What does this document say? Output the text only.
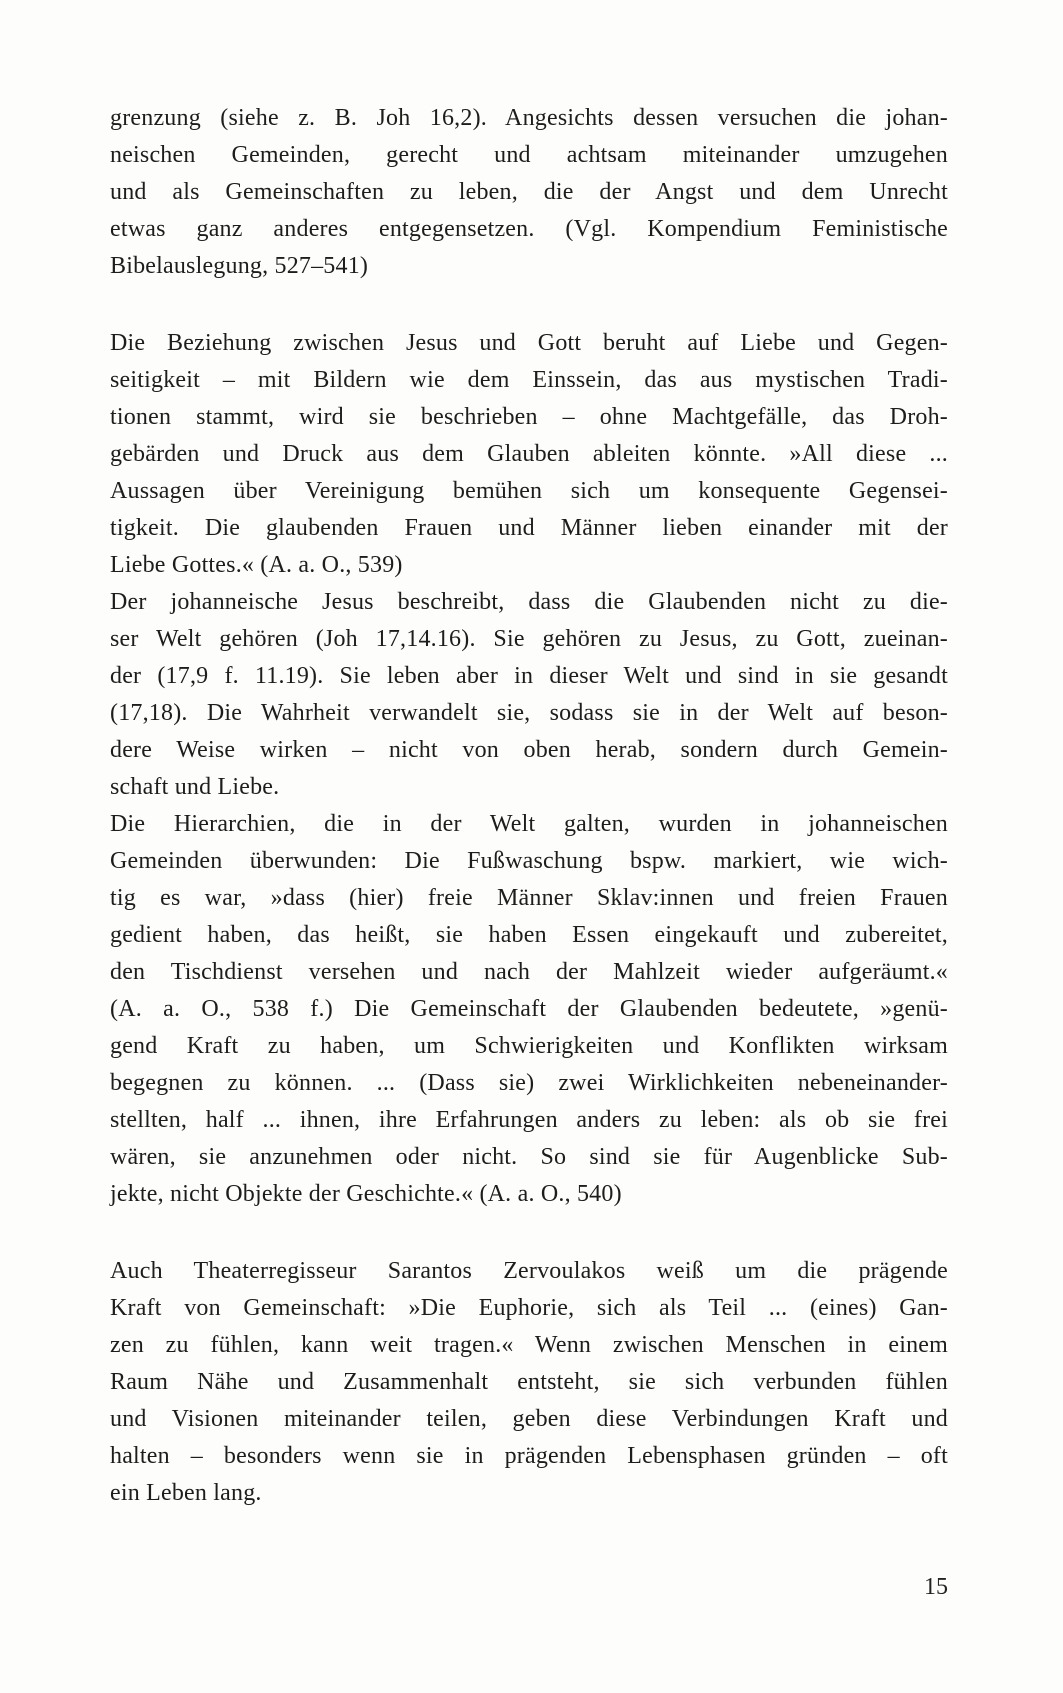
grenzung (siehe z. B. Joh 16,2). Angesichts dessen versuchen die johan-
neischen Gemeinden, gerecht und achtsam miteinander umzugehen
und als Gemeinschaften zu leben, die der Angst und dem Unrecht
etwas ganz anderes entgegensetzen. (Vgl. Kompendium Feministische
Bibelauslegung, 527–541)
Die Beziehung zwischen Jesus und Gott beruht auf Liebe und Gegen-
seitigkeit – mit Bildern wie dem Einssein, das aus mystischen Tradi-
tionen stammt, wird sie beschrieben – ohne Machtgefälle, das Droh-
gebärden und Druck aus dem Glauben ableiten könnte. »All diese ...
Aussagen über Vereinigung bemühen sich um konsequente Gegensei-
tigkeit. Die glaubenden Frauen und Männer lieben einander mit der
Liebe Gottes.« (A. a. O., 539)
Der johanneische Jesus beschreibt, dass die Glaubenden nicht zu die-
ser Welt gehören (Joh 17,14.16). Sie gehören zu Jesus, zu Gott, zueinan-
der (17,9 f. 11.19). Sie leben aber in dieser Welt und sind in sie gesandt
(17,18). Die Wahrheit verwandelt sie, sodass sie in der Welt auf beson-
dere Weise wirken – nicht von oben herab, sondern durch Gemein-
schaft und Liebe.
Die Hierarchien, die in der Welt galten, wurden in johanneischen
Gemeinden überwunden: Die Fußwaschung bspw. markiert, wie wich-
tig es war, »dass (hier) freie Männer Sklav:innen und freien Frauen
gedient haben, das heißt, sie haben Essen eingekauft und zubereitet,
den Tischdienst versehen und nach der Mahlzeit wieder aufgeräumt.«
(A. a. O., 538 f.) Die Gemeinschaft der Glaubenden bedeutete, »genü-
gend Kraft zu haben, um Schwierigkeiten und Konflikten wirksam
begegnen zu können. ... (Dass sie) zwei Wirklichkeiten nebeneinander-
stellten, half ... ihnen, ihre Erfahrungen anders zu leben: als ob sie frei
wären, sie anzunehmen oder nicht. So sind sie für Augenblicke Sub-
jekte, nicht Objekte der Geschichte.« (A. a. O., 540)
Auch Theaterregisseur Sarantos Zervoulakos weiß um die prägende
Kraft von Gemeinschaft: »Die Euphorie, sich als Teil ... (eines) Gan-
zen zu fühlen, kann weit tragen.« Wenn zwischen Menschen in einem
Raum Nähe und Zusammenhalt entsteht, sie sich verbunden fühlen
und Visionen miteinander teilen, geben diese Verbindungen Kraft und
halten – besonders wenn sie in prägenden Lebensphasen gründen – oft
ein Leben lang.
15
